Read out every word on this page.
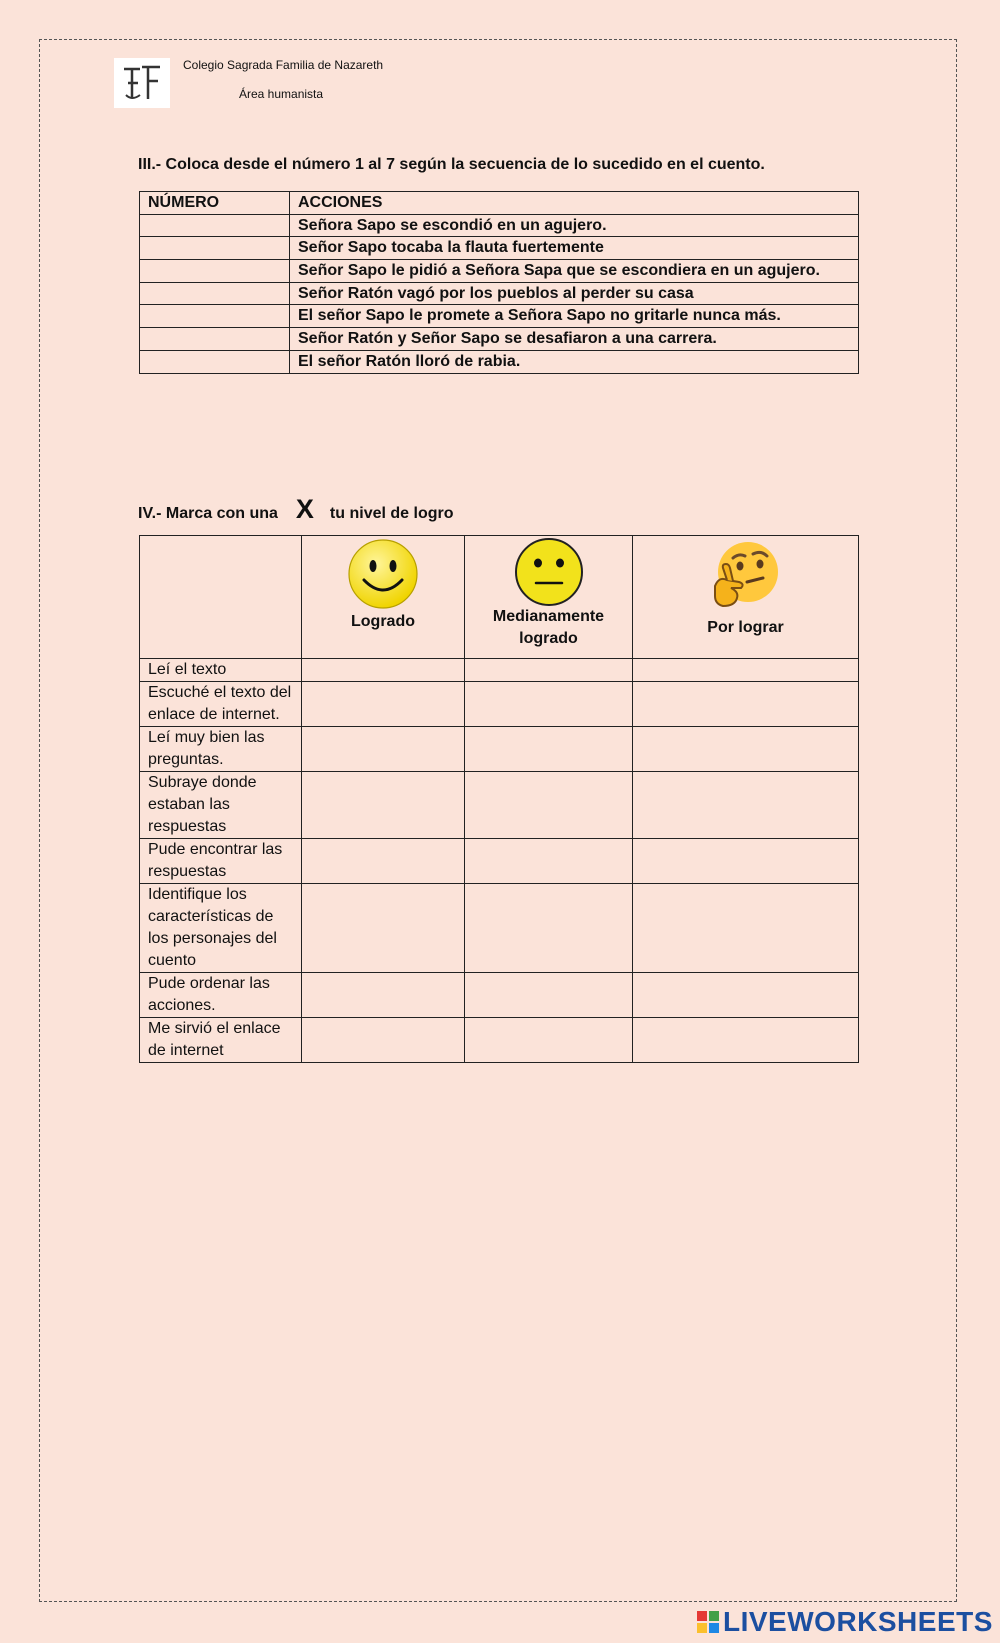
Colegio Sagrada Familia de Nazareth
Área humanista
III.- Coloca desde el número 1 al 7 según la secuencia de lo sucedido en el cuento.
NÚMERO	ACCIONES
	Señora Sapo se escondió en un agujero.
	Señor Sapo tocaba la flauta fuertemente
	Señor Sapo le pidió a Señora Sapa que se escondiera en un agujero.
	Señor Ratón vagó por los pueblos al perder su casa
	El señor Sapo le promete a Señora Sapo no gritarle nunca más.
	Señor Ratón y Señor Sapo se desafiaron a una carrera.
	El señor Ratón lloró de rabia.
IV.- Marca con una X tu nivel de logro

	Logrado	Medianamente logrado	Por lograr

Leí el texto			
Escuché el texto del enlace de internet.			
Leí muy bien las preguntas.			
Subraye donde estaban las respuestas			
Pude encontrar las respuestas			
Identifique los características de los personajes del cuento			
Pude ordenar las acciones.			
Me sirvió el enlace de internet			
LIVEWORKSHEETS
